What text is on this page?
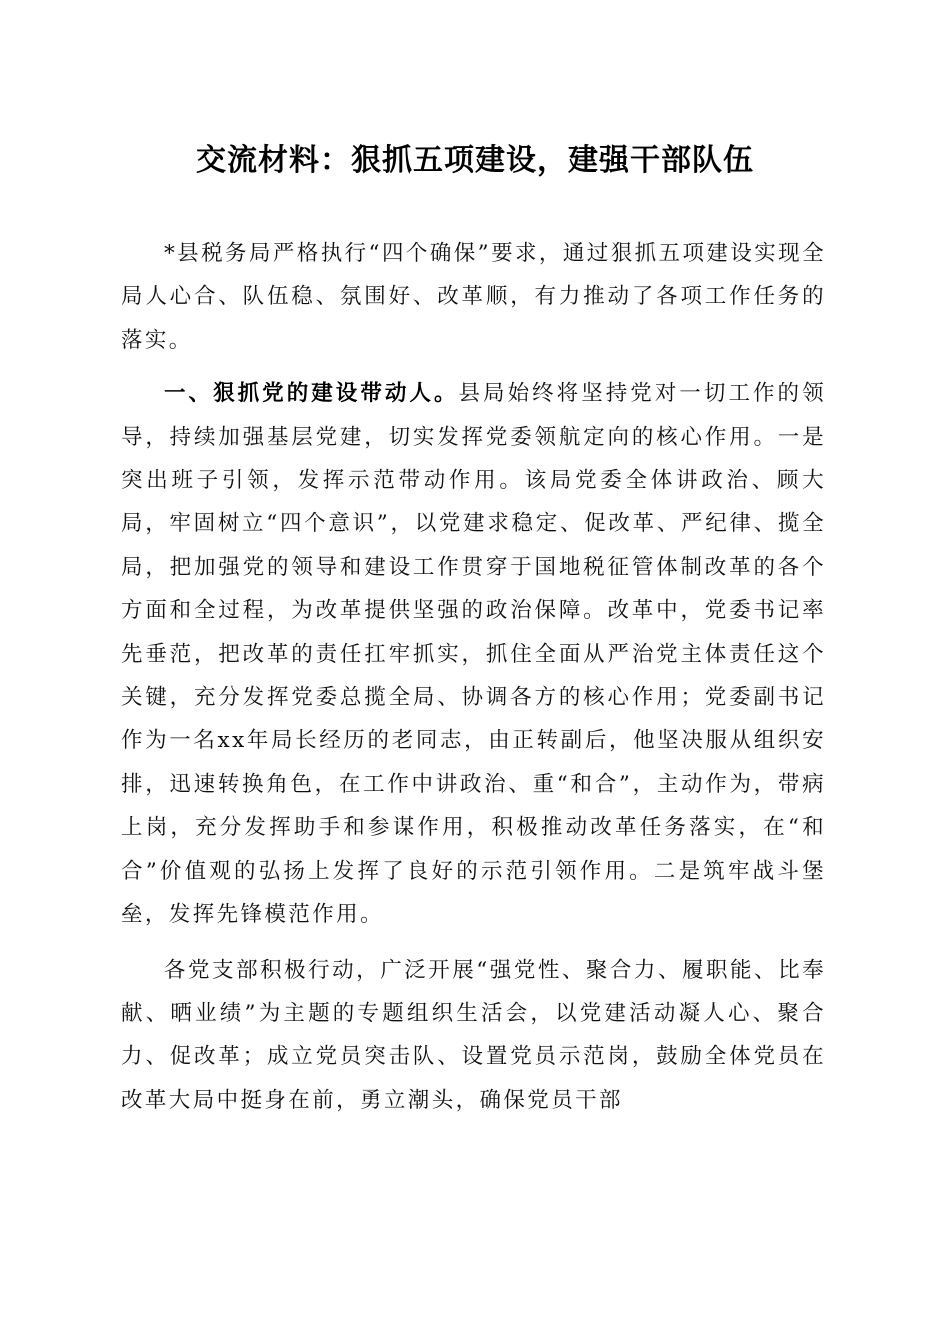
交流材料：狠抓五项建设，建强干部队伍

*县税务局严格执行“四个确保”要求，通过狠抓五项建设实现全局人心合、队伍稳、氛围好、改革顺，有力推动了各项工作任务的落实。

一、狠抓党的建设带动人。县局始终将坚持党对一切工作的领导，持续加强基层党建，切实发挥党委领航定向的核心作用。一是突出班子引领，发挥示范带动作用。该局党委全体讲政治、顾大局，牢固树立“四个意识”，以党建求稳定、促改革、严纪律、揽全局，把加强党的领导和建设工作贯穿于国地税征管体制改革的各个方面和全过程，为改革提供坚强的政治保障。改革中，党委书记率先垂范，把改革的责任扛牢抓实，抓住全面从严治党主体责任这个关键，充分发挥党委总揽全局、协调各方的核心作用；党委副书记作为一名xx年局长经历的老同志，由正转副后，他坚决服从组织安排，迅速转换角色，在工作中讲政治、重“和合”，主动作为，带病上岗，充分发挥助手和参谋作用，积极推动改革任务落实，在“和合”价值观的弘扬上发挥了良好的示范引领作用。二是筑牢战斗堡垒，发挥先锋模范作用。

各党支部积极行动，广泛开展“强党性、聚合力、履职能、比奉献、晒业绩”为主题的专题组织生活会，以党建活动凝人心、聚合力、促改革；成立党员突击队、设置党员示范岗，鼓励全体党员在改革大局中挺身在前，勇立潮头，确保党员干部
